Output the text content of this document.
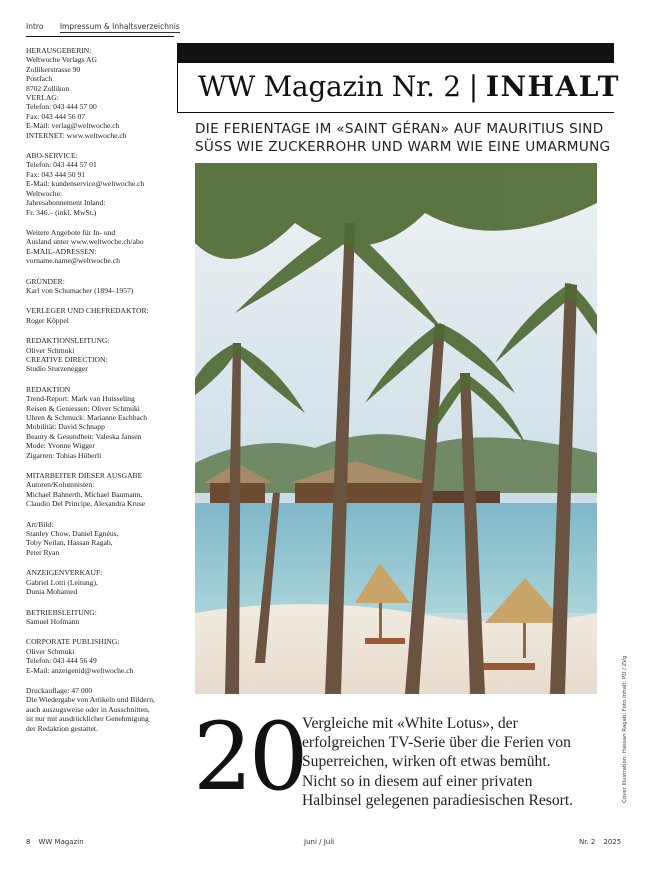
Intro Impressum & Inhaltsverzeichnis
HERAUSGEBERIN:
Weltwoche Verlags AG
Zollikerstrasse 90
Postfach
8702 Zollikon
VERLAG:
Telefon: 043 444 57 00
Fax: 043 444 56 07
E-Mail: verlag@weltwoche.ch
INTERNET: www.weltwoche.ch
ABO-SERVICE:
Telefon: 043 444 57 01
Fax: 043 444 50 91
E-Mail: kundenservice@weltwoche.ch
Weltwoche:
Jahresabonnement Inland:
Fr. 346.– (inkl. MwSt.)
Weitere Angebote für In- und
Ausland unter www.weltwoche.ch/abo
E-MAIL-ADRESSEN:
vorname.name@weltwoche.ch
GRÜNDER:
Karl von Schumacher (1894–1957)
VERLEGER UND CHEFREDAKTOR:
Roger Köppel
REDAKTIONSLEITUNG:
Oliver Schmuki
CREATIVE DIRECTION:
Studio Sturzenegger
REDAKTION
Trend-Report: Mark van Huisseling
Reisen & Geniessen: Oliver Schmuki
Uhren & Schmuck: Marianne Eschbach
Mobilität: David Schnapp
Beauty & Gesundheit: Valeska Jansen
Mode: Yvonne Wigger
Zigarren: Tobias Hüberli
MITARBEITER DIESER AUSGABE
Autoren/Kolumnisten:
Michael Bahnerth, Michael Baumann,
Claudio Del Principe, Alexandra Kruse
Art/Bild:
Stanley Chow, Daniel Egnéus,
Toby Neilan, Hassan Ragab,
Peter Ryan
ANZEIGENVERKAUF:
Gabriel Lotti (Leitung),
Dunia Mohamed
BETRIEBSLEITUNG:
Samuel Hofmann
CORPORATE PUBLISHING:
Oliver Schmuki
Telefon: 043 444 56 49
E-Mail: anzeigenid@weltwoche.ch
Druckauflage: 47 000
Die Wiedergabe von Artikeln und Bildern,
auch auszugsweise oder in Ausschnitten,
ist nur mit ausdrücklicher Genehmigung
der Redaktion gestattet.
WW Magazin Nr. 2 | INHALT
DIE FERIENTAGE IM «SAINT GÉRAN» AUF MAURITIUS SIND
SÜSS WIE ZUCKERROHR UND WARM WIE EINE UMARMUNG
Cover Illustration: Hassan Ragab; Foto Inhalt: PD / ZVg
20
Vergleiche mit «White Lotus», der
erfolgreichen TV-Serie über die Ferien von
Superreichen, wirken oft etwas bemüht.
Nicht so in diesem auf einer privaten
Halbinsel gelegenen paradiesischen Resort.
8 WW Magazin	Juni / Juli	Nr. 2 2025
